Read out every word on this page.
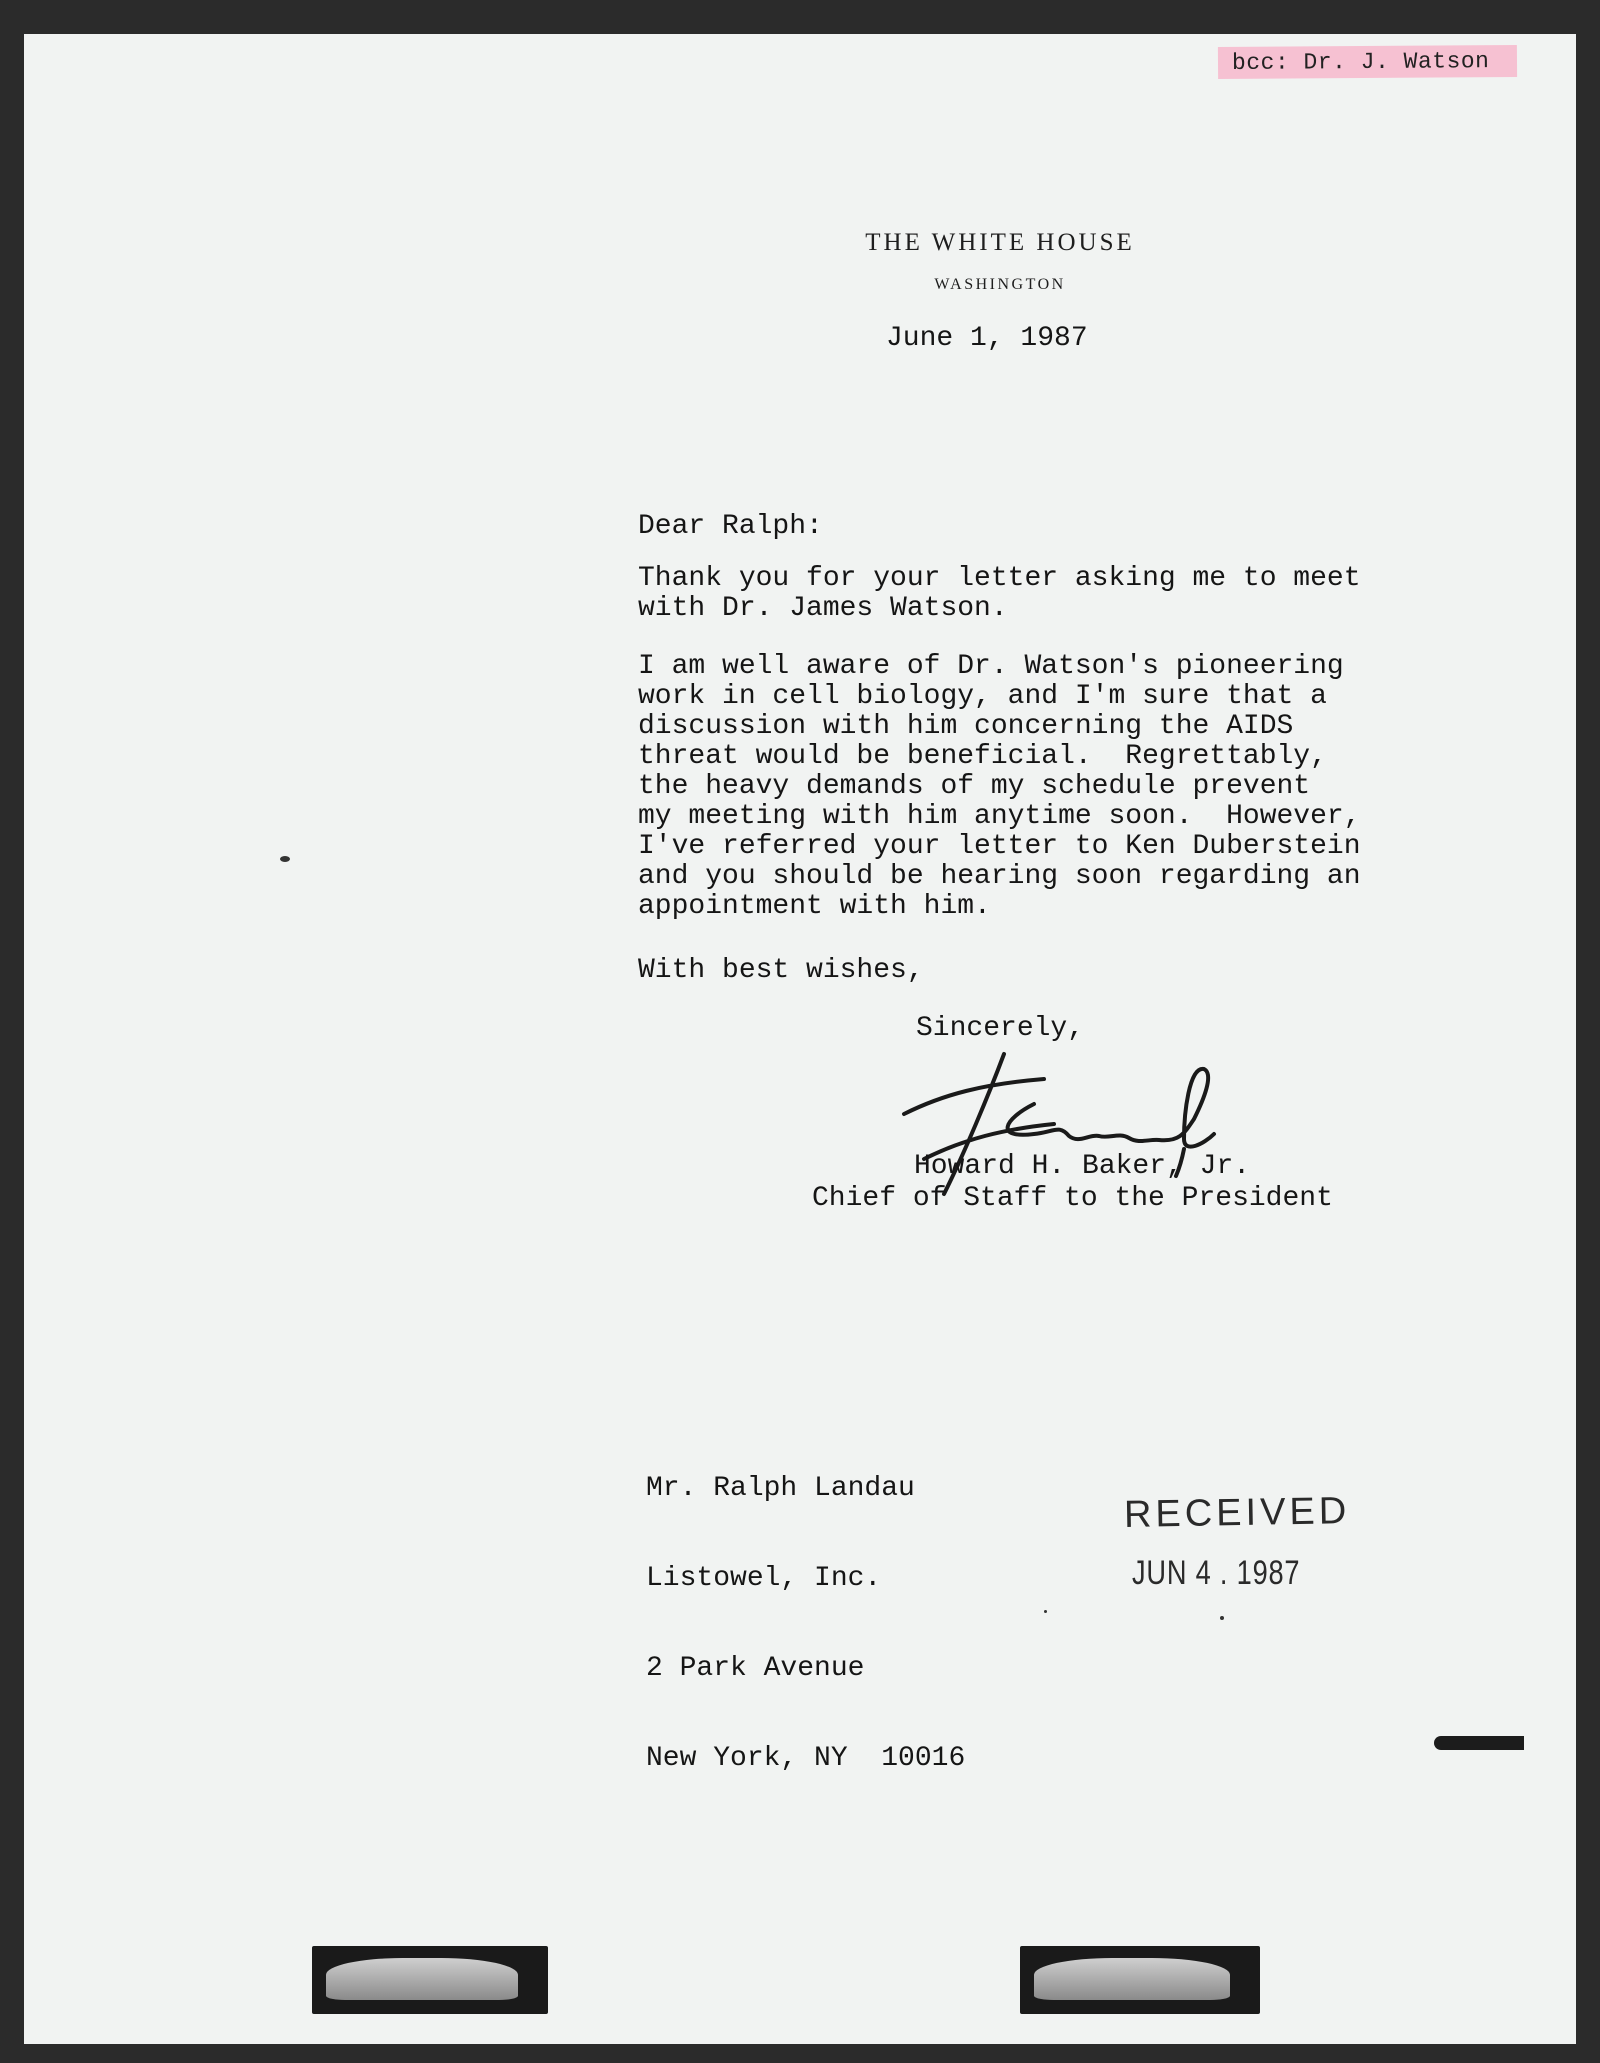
bcc: Dr. J. Watson
THE WHITE HOUSE
WASHINGTON
June 1, 1987
Dear Ralph:
Thank you for your letter asking me to meet
with Dr. James Watson.
I am well aware of Dr. Watson's pioneering
work in cell biology, and I'm sure that a
discussion with him concerning the AIDS
threat would be beneficial.  Regrettably,
the heavy demands of my schedule prevent
my meeting with him anytime soon.  However,
I've referred your letter to Ken Duberstein
and you should be hearing soon regarding an
appointment with him.
With best wishes,
Sincerely,
Howard H. Baker, Jr.
Chief of Staff to the President

Mr. Ralph Landau

Listowel, Inc.

2 Park Avenue

New York, NY  10016

RECEIVED
JUN 4 . 1987
